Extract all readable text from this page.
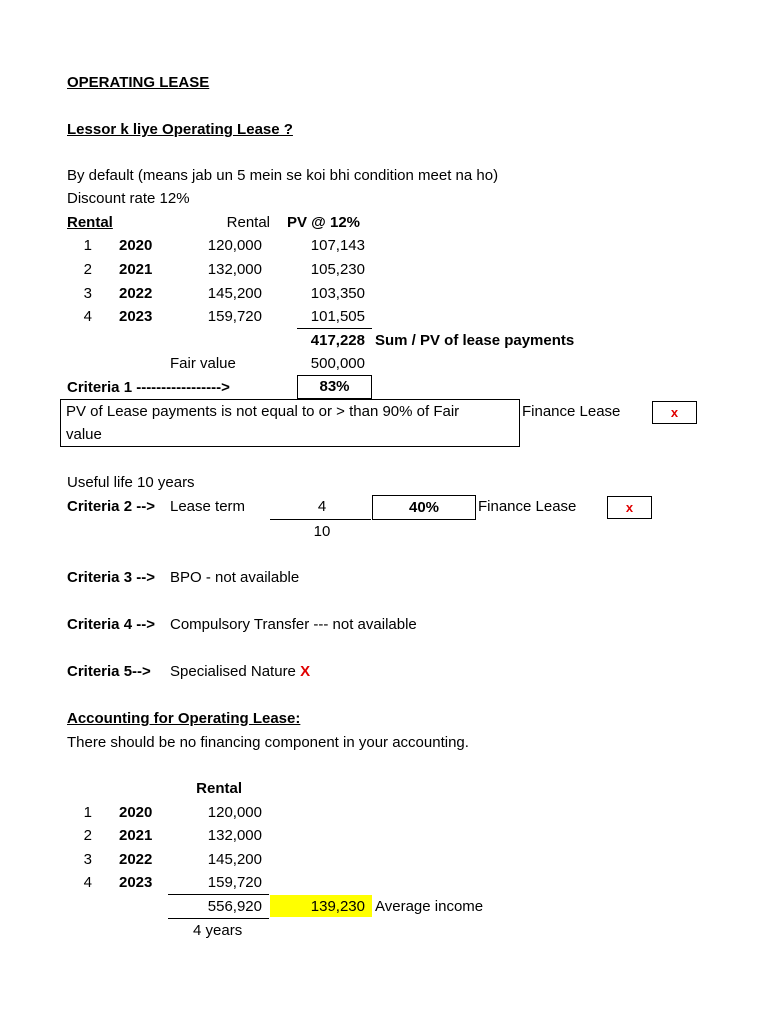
OPERATING LEASE
Lessor k liye Operating Lease ?
By default (means jab un 5 mein se koi bhi condition meet na ho)
Discount rate 12%
Rental	Rental	PV @ 12%
1 2020	120,000	107,143
2 2021	132,000	105,230
3 2022	145,200	103,350
4 2023	159,720	101,505
417,228 Sum / PV of lease payments
Fair value	500,000
Criteria 1 ----------------->	83%
PV of Lease payments is not equal to or > than 90% of Fair
value
Finance Lease	x
Useful life 10 years
Criteria 2 --> Lease term	4
10
40%	Finance Lease	x
Criteria 3 --> BPO - not available
Criteria 4 --> Compulsory Transfer --- not available
Criteria 5--> Specialised Nature X
Accounting for Operating Lease:
There should be no financing component in your accounting.
Rental
1 2020	120,000
2 2021	132,000
3 2022	145,200
4 2023	159,720
556,920	139,230 Average income
4 years
